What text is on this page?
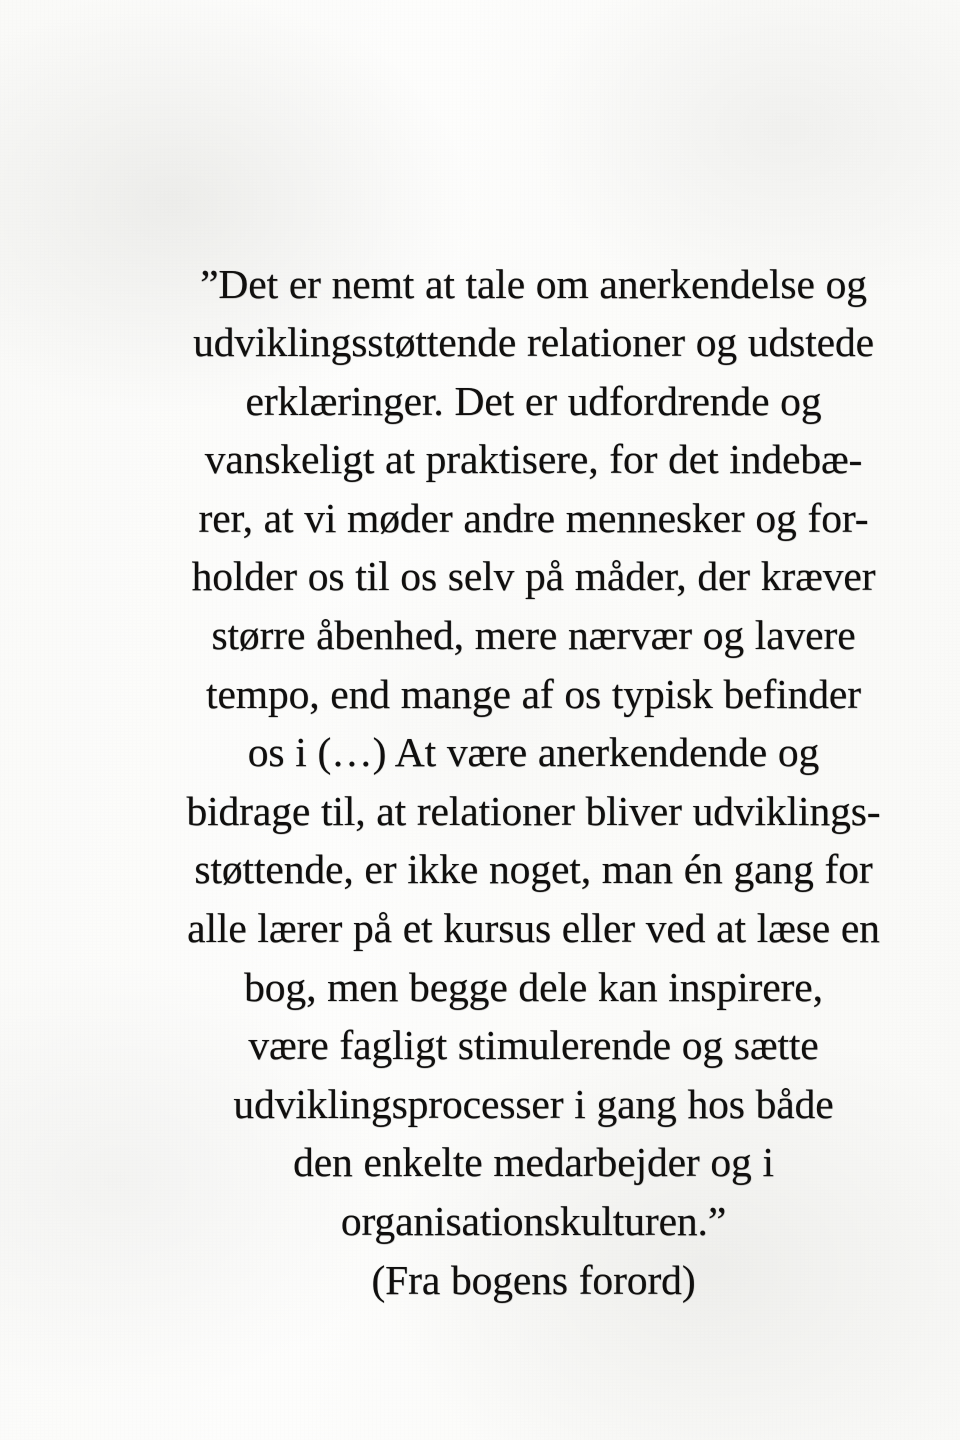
”Det er nemt at tale om anerkendelse og
udviklingsstøttende relationer og udstede
erklæringer. Det er udfordrende og
vanskeligt at praktisere, for det indebæ-
rer, at vi møder andre mennesker og for-
holder os til os selv på måder, der kræver
større åbenhed, mere nærvær og lavere
tempo, end mange af os typisk befinder
os i (…) At være anerkendende og
bidrage til, at relationer bliver udviklings-
støttende, er ikke noget, man én gang for
alle lærer på et kursus eller ved at læse en
bog, men begge dele kan inspirere,
være fagligt stimulerende og sætte
udviklingsprocesser i gang hos både
den enkelte medarbejder og i
organisationskulturen.”
(Fra bogens forord)
